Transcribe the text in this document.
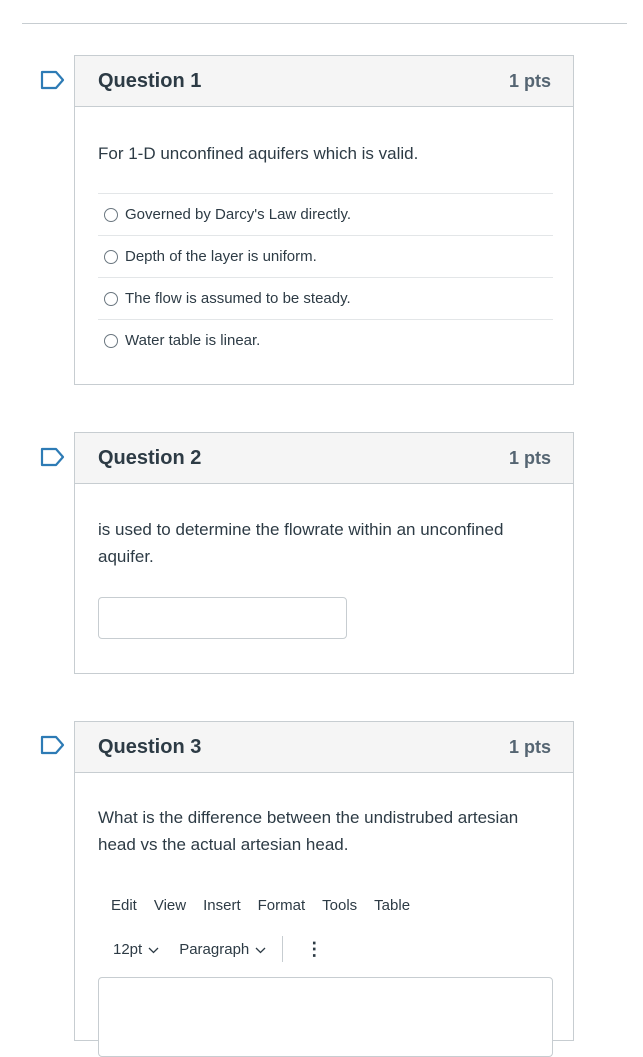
Question 1	1 pts
For 1-D unconfined aquifers which is valid.
Governed by Darcy's Law directly.
Depth of the layer is uniform.
The flow is assumed to be steady.
Water table is linear.
Question 2	1 pts
is used to determine the flowrate within an unconfined aquifer.
Question 3	1 pts
What is the difference between the undistrubed artesian head vs the actual artesian head.
Edit View Insert Format Tools Table
12pt Paragraph	⋮
